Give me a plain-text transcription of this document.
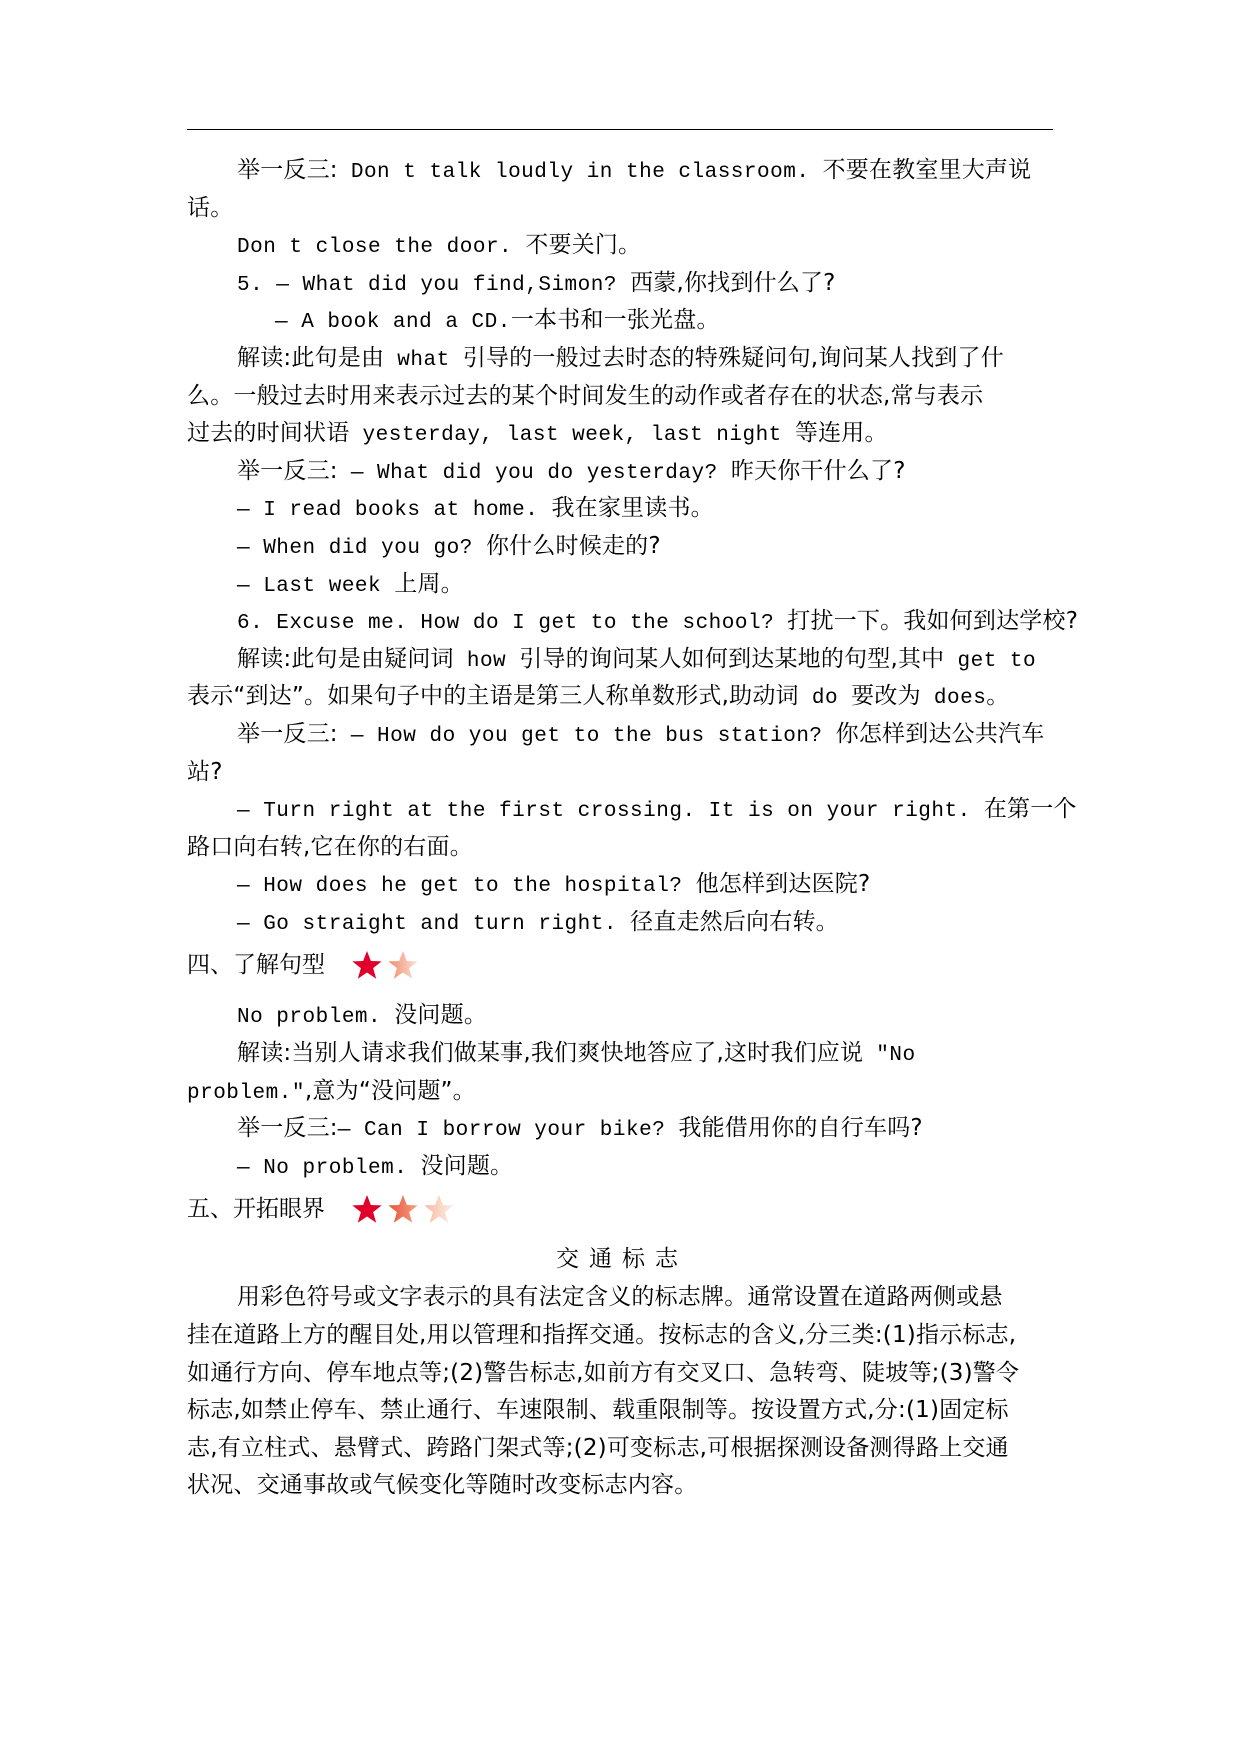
举一反三: Don t talk loudly in the classroom. 不要在教室里大声说
话。
Don t close the door. 不要关门。
5. — What did you find,Simon? 西蒙,你找到什么了?
— A book and a CD.一本书和一张光盘。
解读:此句是由 what 引导的一般过去时态的特殊疑问句,询问某人找到了什
么。一般过去时用来表示过去的某个时间发生的动作或者存在的状态,常与表示
过去的时间状语 yesterday, last week, last night 等连用。
举一反三: — What did you do yesterday? 昨天你干什么了?
— I read books at home. 我在家里读书。
— When did you go? 你什么时候走的?
— Last week 上周。
6. Excuse me. How do I get to the school? 打扰一下。我如何到达学校?
解读:此句是由疑问词 how 引导的询问某人如何到达某地的句型,其中 get to
表示“到达”。如果句子中的主语是第三人称单数形式,助动词 do 要改为 does。
举一反三: — How do you get to the bus station? 你怎样到达公共汽车
站?
— Turn right at the first crossing. It is on your right. 在第一个
路口向右转,它在你的右面。
— How does he get to the hospital? 他怎样到达医院?
— Go straight and turn right. 径直走然后向右转。
四、了解句型
No problem. 没问题。
解读:当别人请求我们做某事,我们爽快地答应了,这时我们应说 "No
problem.",意为“没问题”。
举一反三:— Can I borrow your bike? 我能借用你的自行车吗?
— No problem. 没问题。
五、开拓眼界
交通标志
用彩色符号或文字表示的具有法定含义的标志牌。通常设置在道路两侧或悬
挂在道路上方的醒目处,用以管理和指挥交通。按标志的含义,分三类:(1)指示标志,
如通行方向、停车地点等;(2)警告标志,如前方有交叉口、急转弯、陡坡等;(3)警令
标志,如禁止停车、禁止通行、车速限制、载重限制等。按设置方式,分:(1)固定标
志,有立柱式、悬臂式、跨路门架式等;(2)可变标志,可根据探测设备测得路上交通
状况、交通事故或气候变化等随时改变标志内容。
